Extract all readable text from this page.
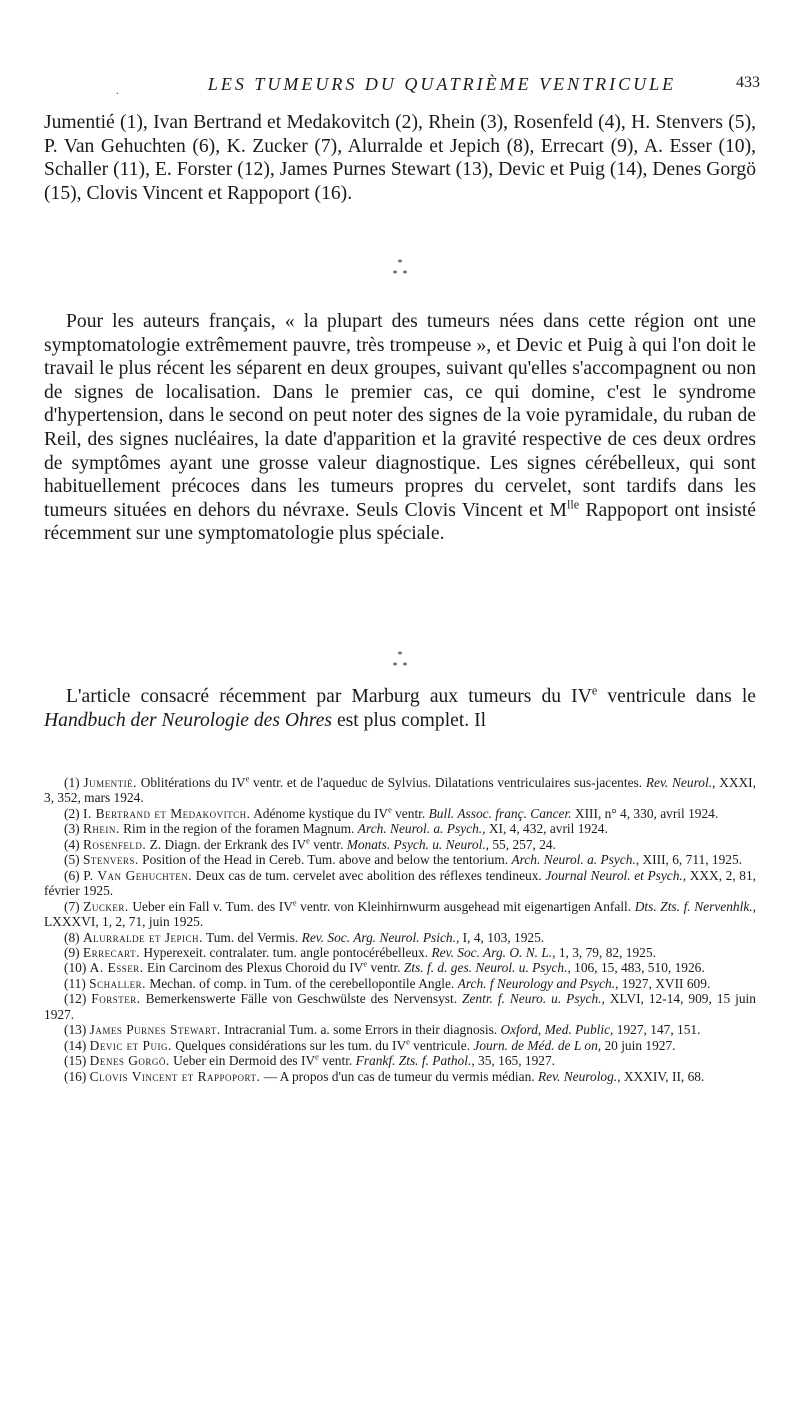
.	LES TUMEURS DU QUATRIÈME VENTRICULE	433

Jumentié (1), Ivan Bertrand et Medakovitch (2), Rhein (3), Rosenfeld (4), H. Stenvers (5), P. Van Gehuchten (6), K. Zucker (7), Alurralde et Jepich (8), Errecart (9), A. Esser (10), Schaller (11), E. Forster (12), James Purnes Stewart (13), Devic et Puig (14), Denes Gorgö (15), Clovis Vincent et Rappoport (16).

*
*  *

Pour les auteurs français, « la plupart des tumeurs nées dans cette région ont une symptomatologie extrêmement pauvre, très trompeuse », et Devic et Puig à qui l'on doit le travail le plus récent les séparent en deux groupes, suivant qu'elles s'accompagnent ou non de signes de localisation. Dans le premier cas, ce qui domine, c'est le syndrome d'hypertension, dans le second on peut noter des signes de la voie pyramidale, du ruban de Reil, des signes nucléaires, la date d'apparition et la gravité respective de ces deux ordres de symptômes ayant une grosse valeur diagnostique. Les signes cérébelleux, qui sont habituellement précoces dans les tumeurs propres du cervelet, sont tardifs dans les tumeurs situées en dehors du névraxe. Seuls Clovis Vincent et $M^{lle}$ Rappoport ont insisté récemment sur une symptomatologie plus spéciale.

*
*  *

L'article consacré récemment par Marburg aux tumeurs du IVe ventricule dans le Handbuch der Neurologie des Ohres est plus complet. Il

(1) Jumentié. Oblitérations du IVe ventr. et de l'aqueduc de Sylvius. Dilatations ventriculaires sus-jacentes. Rev. Neurol., XXXI, 3, 352, mars 1924.

(2) I. Bertrand et Medakovitch. Adénome kystique du IVe ventr. Bull. Assoc. franç. Cancer. XIII, n° 4, 330, avril 1924.

(3) Rhein. Rim in the region of the foramen Magnum. Arch. Neurol. a. Psych., XI, 4, 432, avril 1924.

(4) Rosenfeld. Z. Diagn. der Erkrank des IVe ventr. Monats. Psych. u. Neurol., 55, 257, 24.

(5) Stenvers. Position of the Head in Cereb. Tum. above and below the tentorium. Arch. Neurol. a. Psych., XIII, 6, 711, 1925.

(6) P. Van Gehuchten. Deux cas de tum. cervelet avec abolition des réflexes tendineux. Journal Neurol. et Psych., XXX, 2, 81, février 1925.

(7) Zucker. Ueber ein Fall v. Tum. des IVe ventr. von Kleinhirnwurm ausgehead mit eigenartigen Anfall. Dts. Zts. f. Nervenhlk., LXXXVI, 1, 2, 71, juin 1925.

(8) Alurralde et Jepich. Tum. del Vermis. Rev. Soc. Arg. Neurol. Psich., I, 4, 103, 1925.

(9) Errecart. Hyperexeit. contralater. tum. angle pontocérébelleux. Rev. Soc. Arg. O. N. L., 1, 3, 79, 82, 1925.

(10) A. Esser. Ein Carcinom des Plexus Choroid du IVe ventr. Zts. f. d. ges. Neurol. u. Psych., 106, 15, 483, 510, 1926.

(11) Schaller. Mechan. of comp. in Tum. of the cerebellopontile Angle. Arch. f Neurology and Psych., 1927, XVII 609.

(12) Forster. Bemerkenswerte Fälle von Geschwülste des Nervensyst. Zentr. f. Neuro. u. Psych., XLVI, 12-14, 909, 15 juin 1927.

(13) James Purnes Stewart. Intracranial Tum. a. some Errors in their diagnosis. Oxford, Med. Public, 1927, 147, 151.

(14) Devic et Puig. Quelques considérations sur les tum. du IVe ventricule. Journ. de Méd. de L on, 20 juin 1927.

(15) Denes Gorgö. Ueber ein Dermoid des IVe ventr. Frankf. Zts. f. Pathol., 35, 165, 1927.

(16) Clovis Vincent et Rappoport. — A propos d'un cas de tumeur du vermis médian. Rev. Neurolog., XXXIV, II, 68.
